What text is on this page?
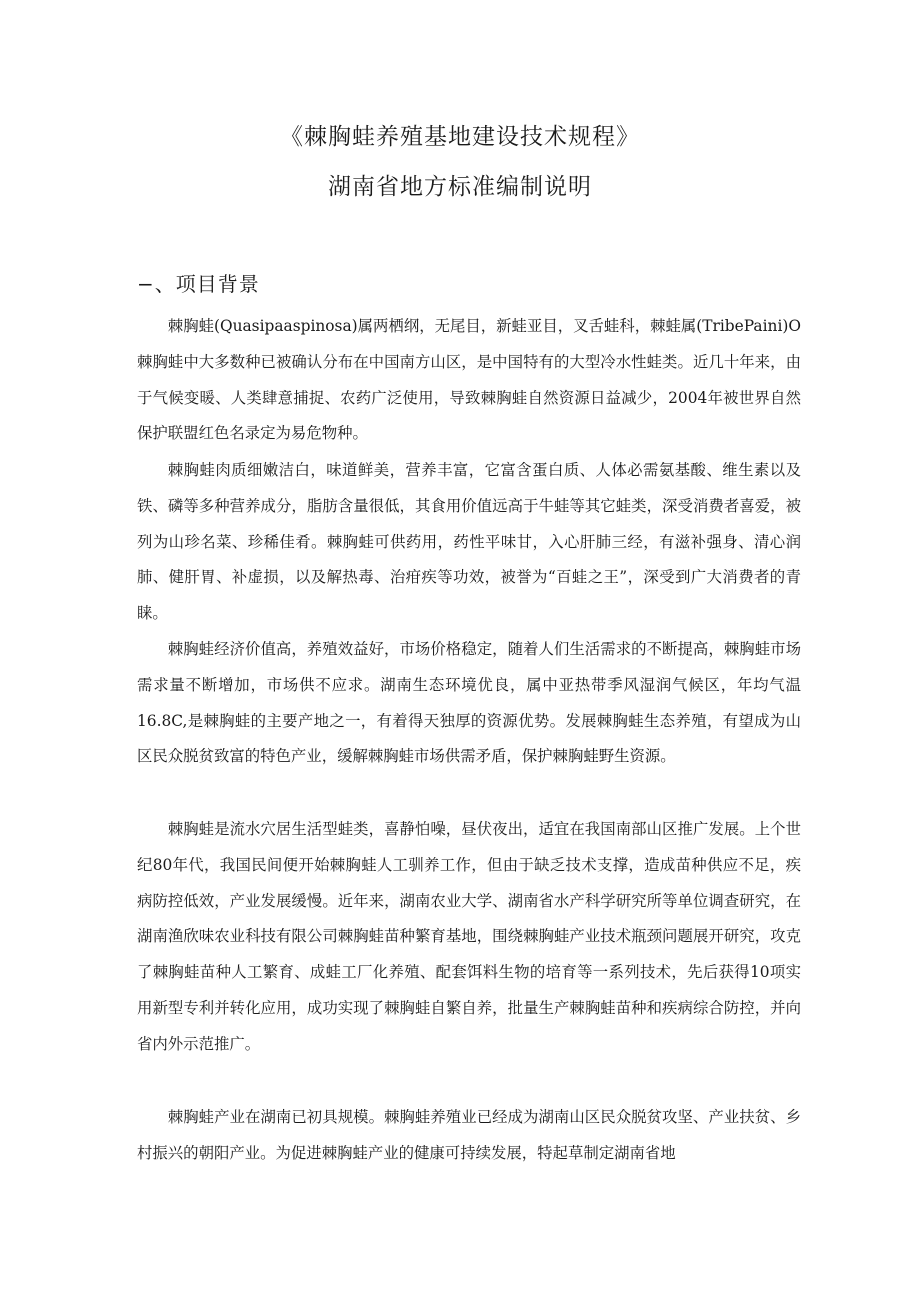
《棘胸蛙养殖基地建设技术规程》
湖南省地方标准编制说明
−、项目背景

棘胸蛙(Quasipaaspinosa)属两栖纲，无尾目，新蛙亚目，叉舌蛙科，棘蛙属(TribePaini)O棘胸蛙中大多数种已被确认分布在中国南方山区，是中国特有的大型冷水性蛙类。近几十年来，由于气候变暖、人类肆意捕捉、农药广泛使用，导致棘胸蛙自然资源日益减少，2004年被世界自然保护联盟红色名录定为易危物种。

棘胸蛙肉质细嫩洁白，味道鲜美，营养丰富，它富含蛋白质、人体必需氨基酸、维生素以及铁、磷等多种营养成分，脂肪含量很低，其食用价值远高于牛蛙等其它蛙类，深受消费者喜爱，被列为山珍名菜、珍稀佳肴。棘胸蛙可供药用，药性平味甘，入心肝肺三经，有滋补强身、清心润肺、健肝胃、补虚损，以及解热毒、治疳疾等功效，被誉为“百蛙之王”，深受到广大消费者的青睐。

棘胸蛙经济价值高，养殖效益好，市场价格稳定，随着人们生活需求的不断提高，棘胸蛙市场需求量不断增加，市场供不应求。湖南生态环境优良，属中亚热带季风湿润气候区，年均气温16.8C,是棘胸蛙的主要产地之一，有着得天独厚的资源优势。发展棘胸蛙生态养殖，有望成为山区民众脱贫致富的特色产业，缓解棘胸蛙市场供需矛盾，保护棘胸蛙野生资源。

棘胸蛙是流水穴居生活型蛙类，喜静怕噪，昼伏夜出，适宜在我国南部山区推广发展。上个世纪80年代，我国民间便开始棘胸蛙人工驯养工作，但由于缺乏技术支撑，造成苗种供应不足，疾病防控低效，产业发展缓慢。近年来，湖南农业大学、湖南省水产科学研究所等单位调查研究，在湖南渔欣味农业科技有限公司棘胸蛙苗种繁育基地，围绕棘胸蛙产业技术瓶颈问题展开研究，攻克了棘胸蛙苗种人工繁育、成蛙工厂化养殖、配套饵料生物的培育等一系列技术，先后获得10项实用新型专利并转化应用，成功实现了棘胸蛙自繁自养，批量生产棘胸蛙苗种和疾病综合防控，并向省内外示范推广。

棘胸蛙产业在湖南已初具规模。棘胸蛙养殖业已经成为湖南山区民众脱贫攻坚、产业扶贫、乡村振兴的朝阳产业。为促进棘胸蛙产业的健康可持续发展，特起草制定湖南省地
